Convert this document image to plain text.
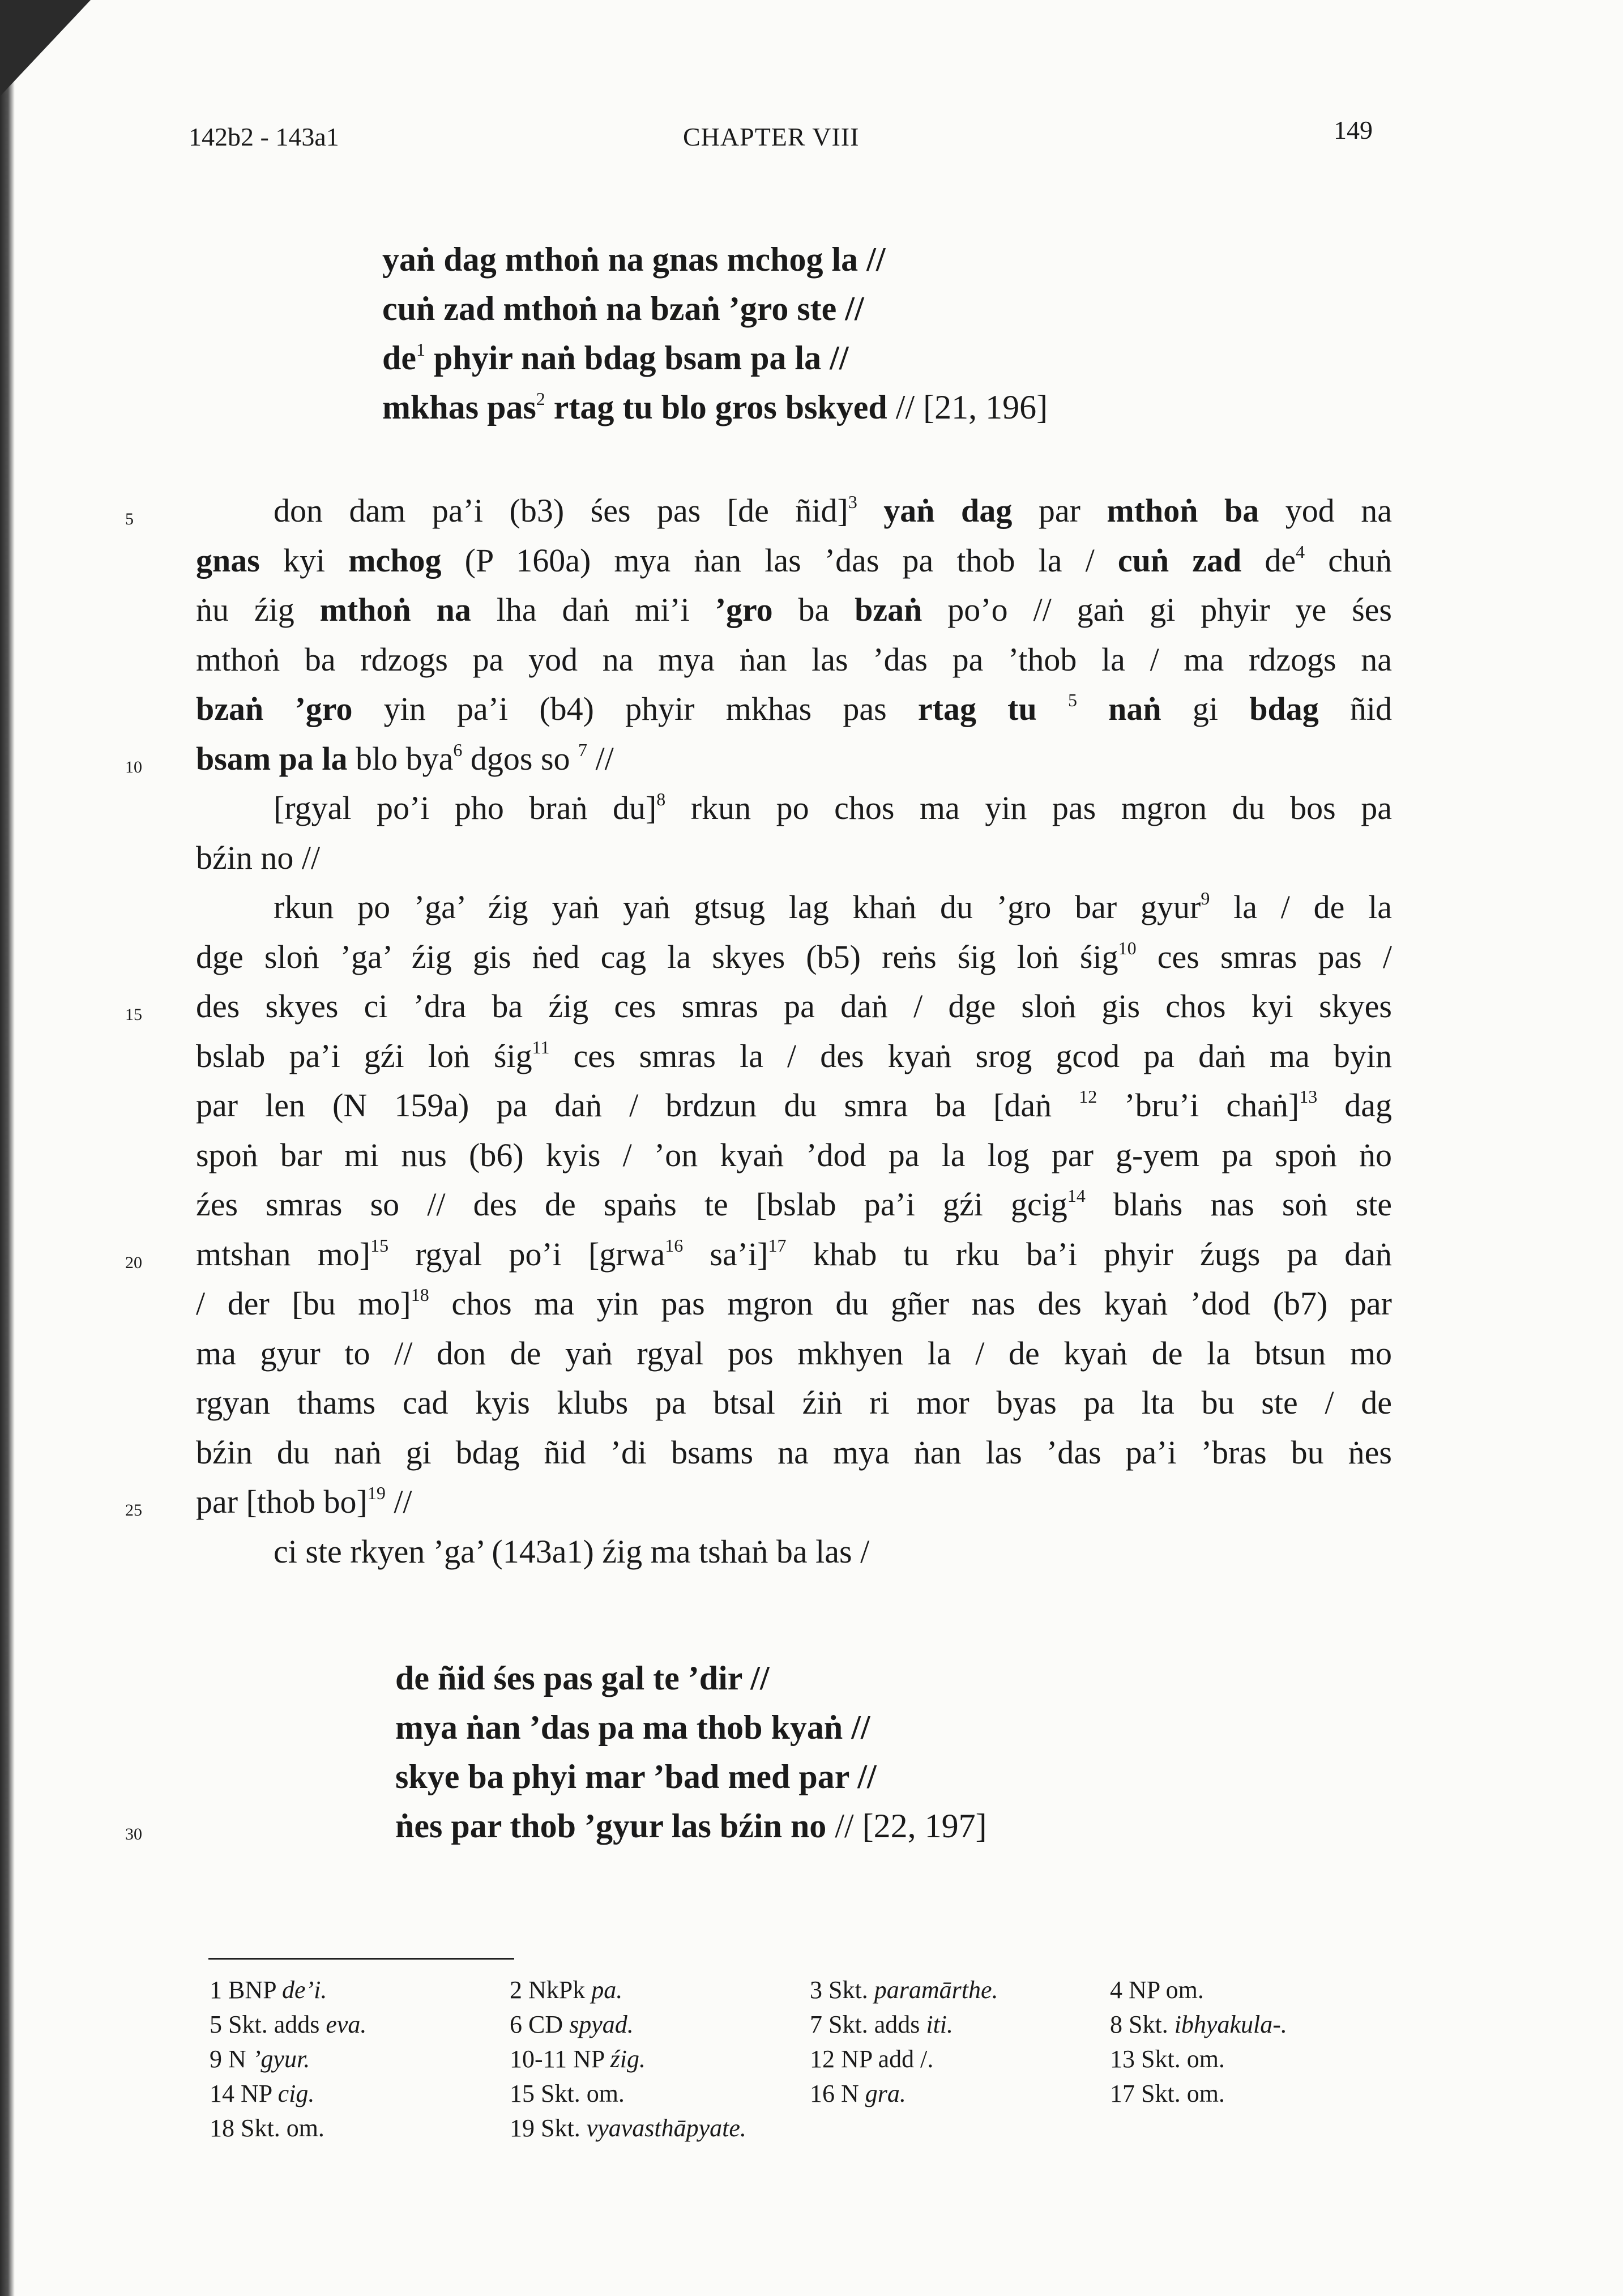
142b2 - 143a1	CHAPTER VIII	149
yaṅ dag mthoṅ na gnas mchog la //
cuṅ zad mthoṅ na bzaṅ ’gro ste //
$de^1$ phyir naṅ bdag bsam pa la //
mkhas pas$^2$ rtag tu blo gros bskyed // [21, 196]
don dam pa’i (b3) śes pas [de ñid]$^3$ yaṅ dag par mthoṅ ba yod na
gnas kyi mchog (P 160a) mya ṅan las ’das pa thob la / cuṅ zad $de^4$ chuṅ
ṅu źig mthoṅ na lha daṅ mi’i ’gro ba bzaṅ po’o // gaṅ gi phyir ye śes
mthoṅ ba rdzogs pa yod na mya ṅan las ’das pa ’thob la / ma rdzogs na
bzaṅ ’gro yin pa’i (b4) phyir mkhas pas rtag tu $^5$ naṅ gi bdag ñid
bsam pa la blo bya$^6$ dgos so $^7$ //
[rgyal po’i pho braṅ du]$^8$ rkun po chos ma yin pas mgron du bos pa
bźin no //
rkun po ’ga’ źig yaṅ yaṅ gtsug lag khaṅ du ’gro bar gyur$^9$ la / de la
dge sloṅ ’ga’ źig gis ṅed cag la skyes (b5) reṅs śig loṅ śig$^{10}$ ces smras pas /
des skyes ci ’dra ba źig ces smras pa daṅ / dge sloṅ gis chos kyi skyes
bslab pa’i gźi loṅ śig$^{11}$ ces smras la / des kyaṅ srog gcod pa daṅ ma byin
par len (N 159a) pa daṅ / brdzun du smra ba [daṅ $^{12}$ ’bru’i chaṅ]$^{13}$ dag
spoṅ bar mi nus (b6) kyis / ’on kyaṅ ’dod pa la log par g-yem pa spoṅ ṅo
źes smras so // des de spaṅs te [bslab pa’i gźi gcig$^{14}$ blaṅs nas soṅ ste
mtshan mo]$^{15}$ rgyal po’i [grwa$^{16}$ sa’i]$^{17}$ khab tu rku ba’i phyir źugs pa daṅ
/ der [bu mo]$^{18}$ chos ma yin pas mgron du gñer nas des kyaṅ ’dod (b7) par
ma gyur to // don de yaṅ rgyal pos mkhyen la / de kyaṅ de la btsun mo
rgyan thams cad kyis klubs pa btsal źiṅ ri mor byas pa lta bu ste / de
bźin du naṅ gi bdag ñid ’di bsams na mya ṅan las ’das pa’i ’bras bu ṅes
par [thob bo]$^{19}$ //
ci ste rkyen ’ga’ (143a1) źig ma tshaṅ ba las /
de ñid śes pas gal te ’dir //
mya ṅan ’das pa ma thob kyaṅ //
skye ba phyi mar ’bad med par //
ṅes par thob ’gyur las bźin no // [22, 197]
5
10
15
20
25
30
1 BNP de’i.	2 NkPk pa.	3 Skt. paramārthe.	4 NP om.
5 Skt. adds eva.	6 CD spyad.	7 Skt. adds iti.	8 Skt. ibhyakula-.
9 N ’gyur.	10-11 NP źig.	12 NP add /.	13 Skt. om.
14 NP cig.	15 Skt. om.	16 N gra.	17 Skt. om.
18 Skt. om.	19 Skt. vyavasthāpyate.
